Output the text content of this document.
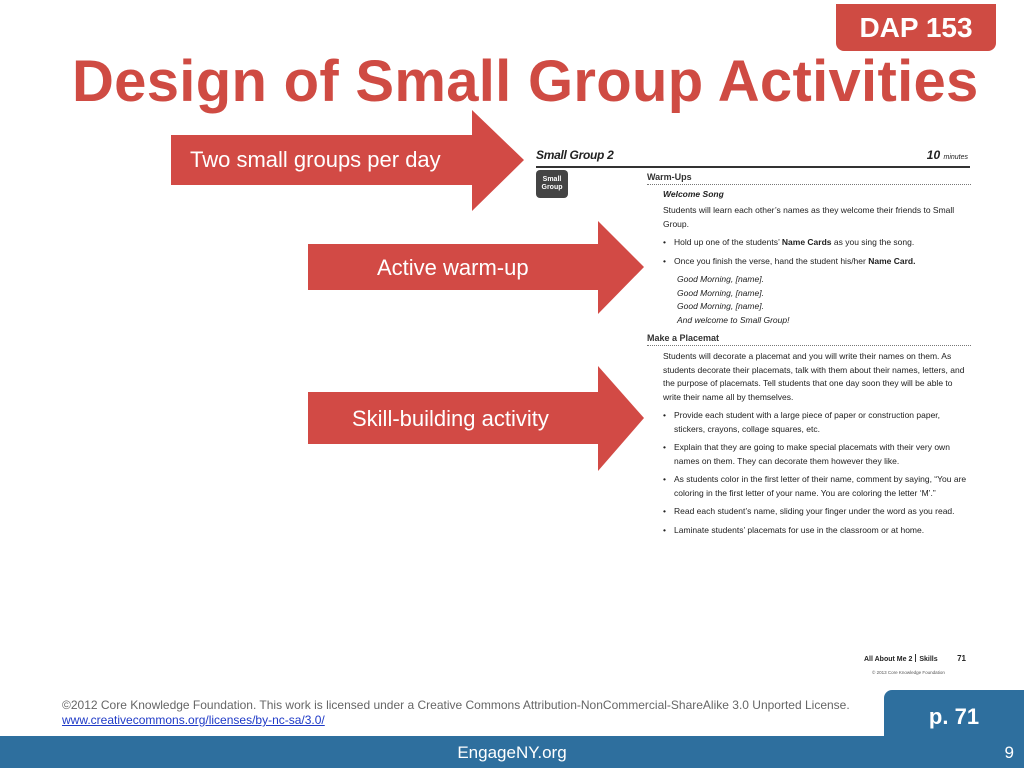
DAP 153
Design of Small Group Activities
Two small groups per day
Active warm-up
Skill-building activity
Small Group 2	10 minutes
Small
Group
Warm-Ups
Welcome Song

Students will learn each other’s names as they welcome their friends to Small Group.

• Hold up one of the students’ Name Cards as you sing the song.
• Once you finish the verse, hand the student his/her Name Card.
Good Morning, [name].
Good Morning, [name].
Good Morning, [name].
And welcome to Small Group!
Make a Placemat

Students will decorate a placemat and you will write their names on them. As students decorate their placemats, talk with them about their names, letters, and the purpose of placemats. Tell students that one day soon they will be able to write their name all by themselves.

• Provide each student with a large piece of paper or construction paper, stickers, crayons, collage squares, etc.
• Explain that they are going to make special placemats with their very own names on them. They can decorate them however they like.
• As students color in the first letter of their name, comment by saying, “You are coloring in the first letter of your name. You are coloring the letter ‘M’.”
• Read each student’s name, sliding your finger under the word as you read.
• Laminate students’ placemats for use in the classroom or at home.
All About Me 2 Skills 71
© 2013 Core Knowledge Foundation
©2012 Core Knowledge Foundation. This work is licensed under a Creative Commons Attribution-NonCommercial-ShareAlike 3.0 Unported License. www.creativecommons.org/licenses/by-nc-sa/3.0/	p. 71
EngageNY.org	9
